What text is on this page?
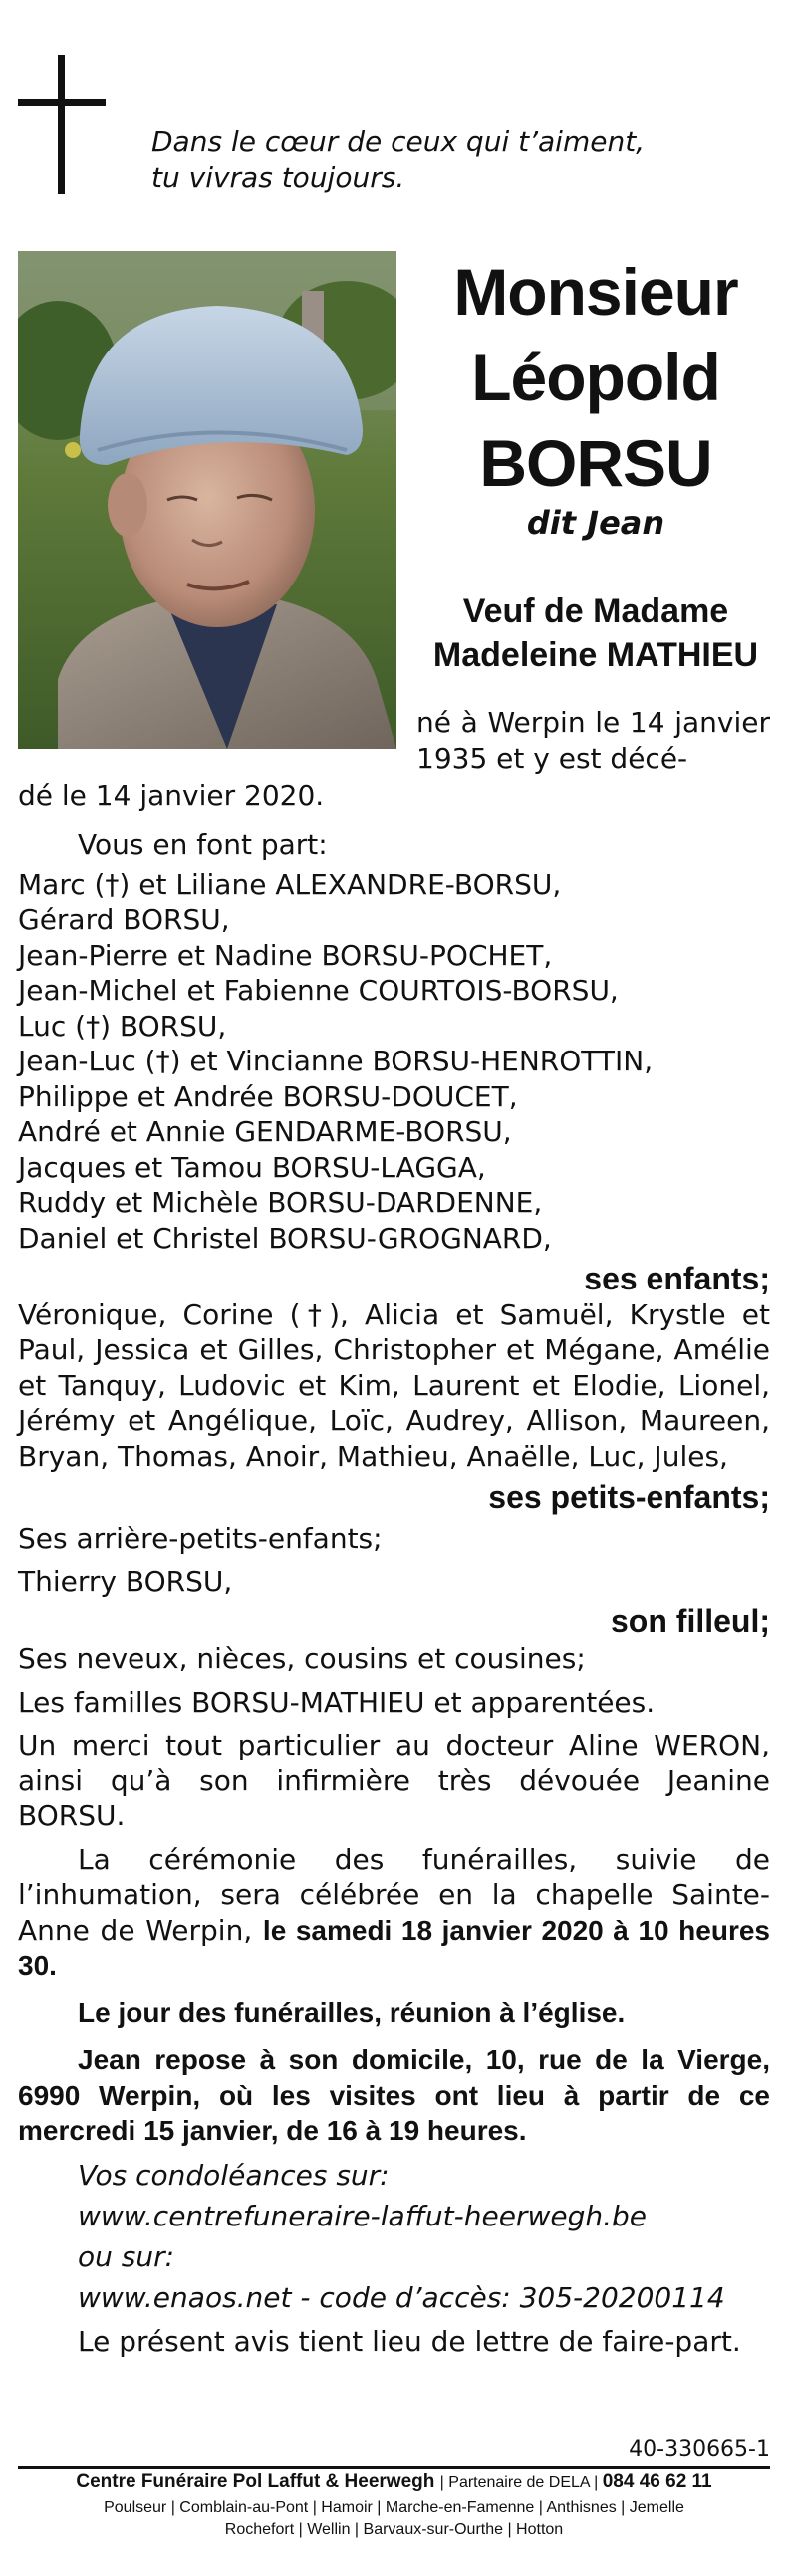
Dans le cœur de ceux qui t’aiment,
tu vivras toujours.
Monsieur
Léopold
BORSU
dit Jean
Veuf de Madame
Madeleine MATHIEU
né à Werpin le 14 janvier 1935 et y est décé-
dé le 14 janvier 2020.
Vous en font part:
Marc (†) et Liliane ALEXANDRE-BORSU,
Gérard BORSU,
Jean-Pierre et Nadine BORSU-POCHET,
Jean-Michel et Fabienne COURTOIS-BORSU,
Luc (†) BORSU,
Jean-Luc (†) et Vincianne BORSU-HENROTTIN,
Philippe et Andrée BORSU-DOUCET,
André et Annie GENDARME-BORSU,
Jacques et Tamou BORSU-LAGGA,
Ruddy et Michèle BORSU-DARDENNE,
Daniel et Christel BORSU-GROGNARD,
ses enfants;
Véronique, Corine (†), Alicia et Samuël, Krystle et Paul, Jessica et Gilles, Christopher et Mégane, Amélie et Tanquy, Ludovic et Kim, Laurent et Elodie, Lionel, Jérémy et Angélique, Loïc, Audrey, Allison, Maureen, Bryan, Thomas, Anoir, Mathieu, Anaëlle, Luc, Jules,
ses petits-enfants;
Ses arrière-petits-enfants;
Thierry BORSU,
son filleul;
Ses neveux, nièces, cousins et cousines;
Les familles BORSU-MATHIEU et apparentées.
Un merci tout particulier au docteur Aline WERON, ainsi qu’à son infirmière très dévouée Jeanine BORSU.
La cérémonie des funérailles, suivie de l’inhumation, sera célébrée en la chapelle Sainte-Anne de Werpin, le samedi 18 janvier 2020 à 10 heures 30.
Le jour des funérailles, réunion à l’église.
Jean repose à son domicile, 10, rue de la Vierge, 6990 Werpin, où les visites ont lieu à partir de ce mercredi 15 janvier, de 16 à 19 heures.
Vos condoléances sur:
www.centrefuneraire-laffut-heerwegh.be
ou sur:
www.enaos.net - code d’accès: 305-20200114
Le présent avis tient lieu de lettre de faire-part.
40-330665-1
Centre Funéraire Pol Laffut & Heerwegh | Partenaire de DELA | 084 46 62 11
Poulseur | Comblain-au-Pont | Hamoir | Marche-en-Famenne | Anthisnes | Jemelle
Rochefort | Wellin | Barvaux-sur-Ourthe | Hotton
